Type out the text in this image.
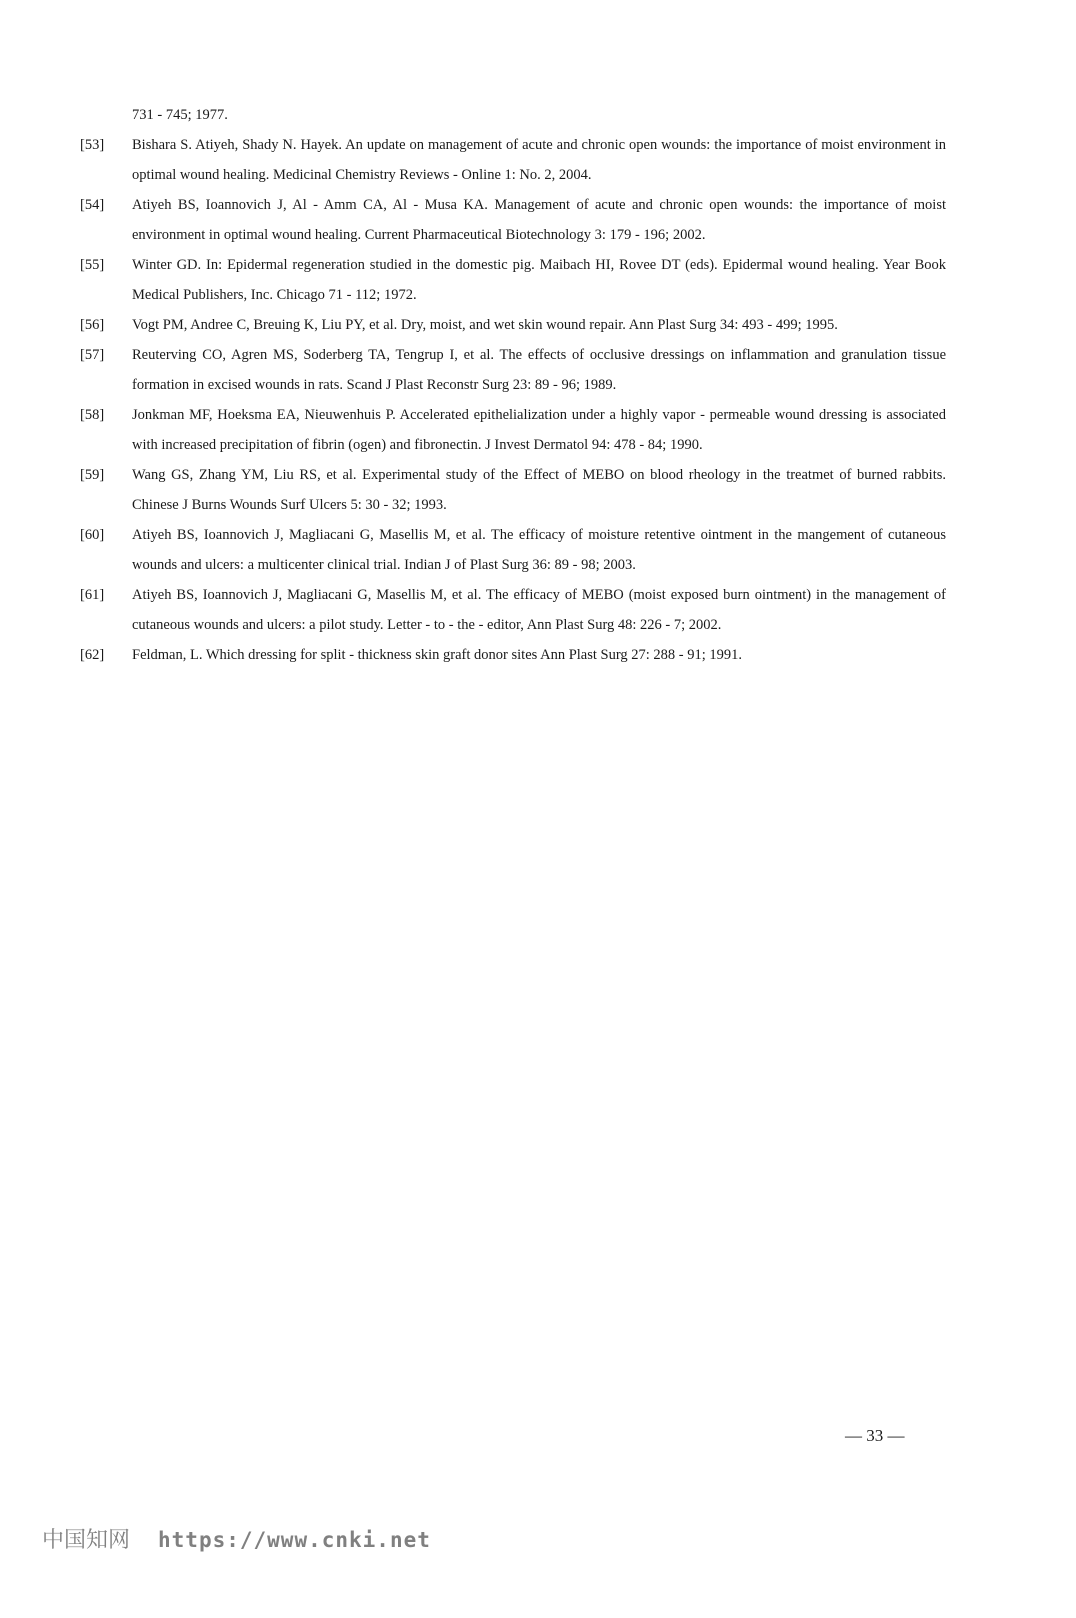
731 - 745; 1977.
[53]	Bishara S. Atiyeh, Shady N. Hayek. An update on management of acute and chronic open wounds: the importance of moist environment in optimal wound healing. Medicinal Chemistry Reviews - Online 1: No. 2, 2004.
[54]	Atiyeh BS, Ioannovich J, Al - Amm CA, Al - Musa KA. Management of acute and chronic open wounds: the importance of moist environment in optimal wound healing. Current Pharmaceutical Biotechnology 3: 179 - 196; 2002.
[55]	Winter GD. In: Epidermal regeneration studied in the domestic pig. Maibach HI, Rovee DT (eds). Epidermal wound healing. Year Book Medical Publishers, Inc. Chicago 71 - 112; 1972.
[56]	Vogt PM, Andree C, Breuing K, Liu PY, et al. Dry, moist, and wet skin wound repair. Ann Plast Surg 34: 493 - 499; 1995.
[57]	Reuterving CO, Agren MS, Soderberg TA, Tengrup I, et al. The effects of occlusive dressings on inflammation and granulation tissue formation in excised wounds in rats. Scand J Plast Reconstr Surg 23: 89 - 96; 1989.
[58]	Jonkman MF, Hoeksma EA, Nieuwenhuis P. Accelerated epithelialization under a highly vapor - permeable wound dressing is associated with increased precipitation of fibrin (ogen) and fibronectin. J Invest Dermatol 94: 478 - 84; 1990.
[59]	Wang GS, Zhang YM, Liu RS, et al. Experimental study of the Effect of MEBO on blood rheology in the treatmet of burned rabbits. Chinese J Burns Wounds Surf Ulcers 5: 30 - 32; 1993.
[60]	Atiyeh BS, Ioannovich J, Magliacani G, Masellis M, et al. The efficacy of moisture retentive ointment in the mangement of cutaneous wounds and ulcers: a multicenter clinical trial. Indian J of Plast Surg 36: 89 - 98; 2003.
[61]	Atiyeh BS, Ioannovich J, Magliacani G, Masellis M, et al. The efficacy of MEBO (moist exposed burn ointment) in the management of cutaneous wounds and ulcers: a pilot study. Letter - to - the - editor, Ann Plast Surg 48: 226 - 7; 2002.
[62]	Feldman, L. Which dressing for split - thickness skin graft donor sites Ann Plast Surg 27: 288 - 91; 1991.
— 33 —
中国知网 https://www.cnki.net
